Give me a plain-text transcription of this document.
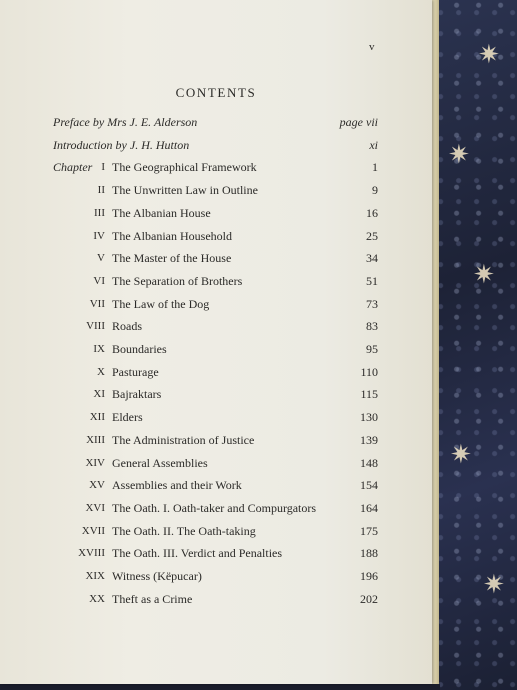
✷
✷
✷
✷
✷
v
CONTENTS
Preface by Mrs J. E. Alderson	page vii
Introduction by J. H. Hutton	xi
Chapter I The Geographical Framework	1
II The Unwritten Law in Outline	9
III The Albanian House	16
IV The Albanian Household	25
V The Master of the House	34
VI The Separation of Brothers	51
VII The Law of the Dog	73
VIII Roads	83
IX Boundaries	95
X Pasturage	110
XI Bajraktars	115
XII Elders	130
XIII The Administration of Justice	139
XIV General Assemblies	148
XV Assemblies and their Work	154
XVI The Oath. I. Oath-taker and Compurgators	164
XVII The Oath. II. The Oath-taking	175
XVIII The Oath. III. Verdict and Penalties	188
XIX Witness (Këpucar)	196
XX Theft as a Crime	202
